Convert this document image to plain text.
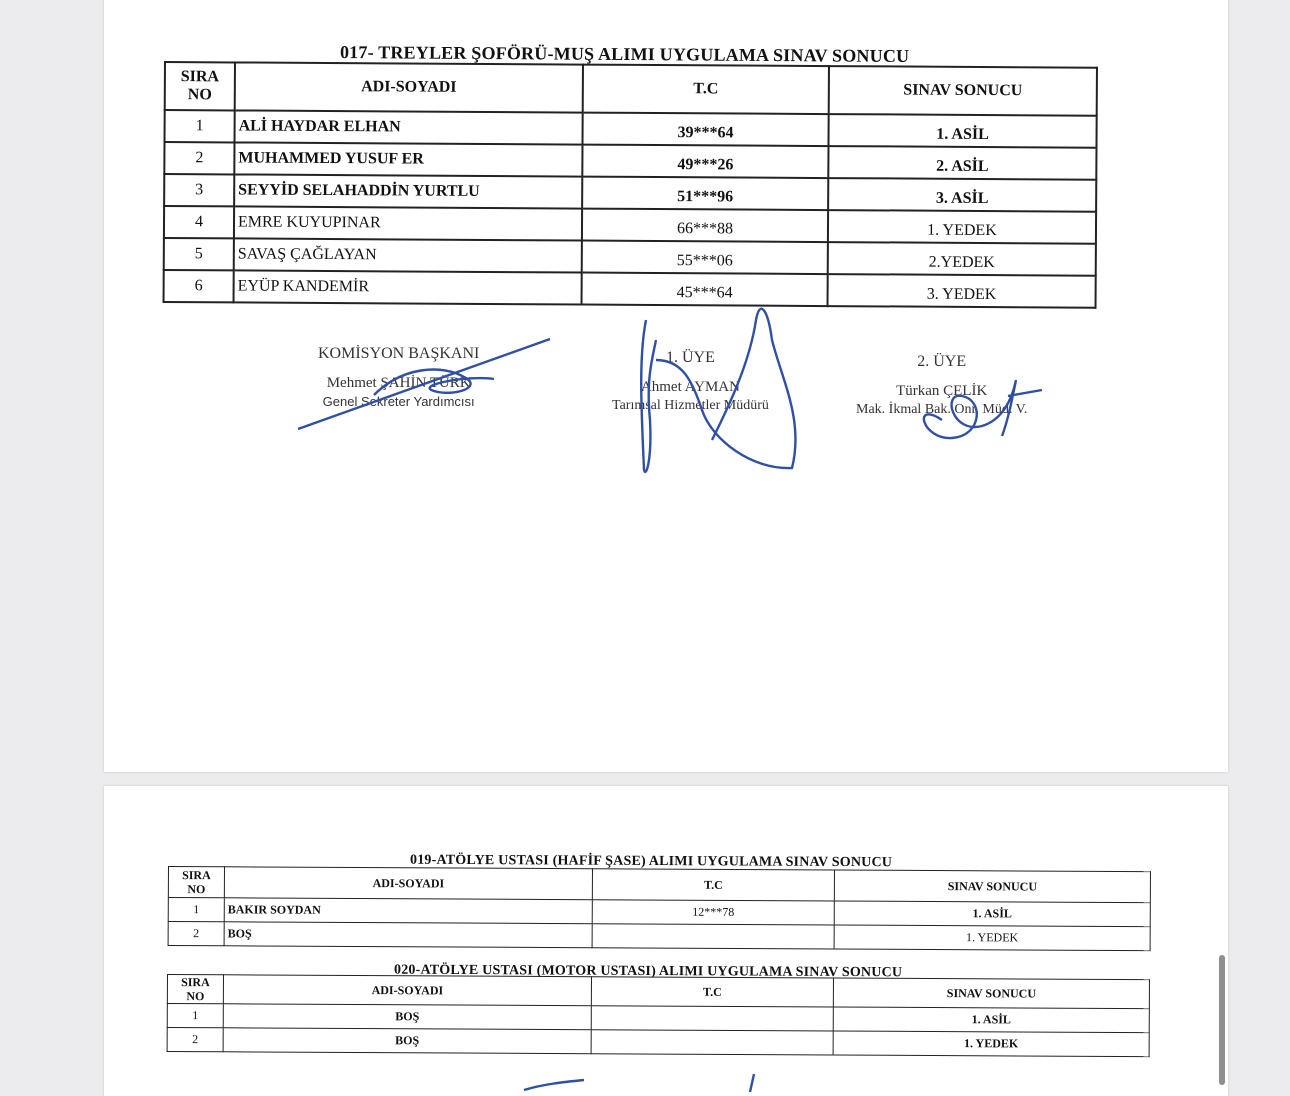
017- TREYLER ŞOFÖRÜ-MUŞ ALIMI UYGULAMA SINAV SONUCU
SIRA
NO	ADI-SOYADI	T.C	SINAV SONUCU
1	ALİ HAYDAR ELHAN	39***64	1. ASİL
2	MUHAMMED YUSUF ER	49***26	2. ASİL
3	SEYYİD SELAHADDİN YURTLU	51***96	3. ASİL
4	EMRE KUYUPINAR	66***88	1. YEDEK
5	SAVAŞ ÇAĞLAYAN	55***06	2.YEDEK
6	EYÜP KANDEMİR	45***64	3. YEDEK
KOMİSYON BAŞKANI
Mehmet ŞAHİN TÜRK
Genel Sekreter Yardımcısı
1. ÜYE
Ahmet AYMAN
Tarımsal Hizmetler Müdürü
2. ÜYE
Türkan ÇELİK
Mak. İkmal Bak. Onr. Müd. V.
019-ATÖLYE USTASI (HAFİF ŞASE) ALIMI UYGULAMA SINAV SONUCU
SIRA
NO	ADI-SOYADI	T.C	SINAV SONUCU
1	BAKIR SOYDAN	12***78	1. ASİL
2	BOŞ		1. YEDEK
020-ATÖLYE USTASI (MOTOR USTASI) ALIMI UYGULAMA SINAV SONUCU
SIRA
NO	ADI-SOYADI	T.C	SINAV SONUCU
1	BOŞ		1. ASİL
2	BOŞ		1. YEDEK
